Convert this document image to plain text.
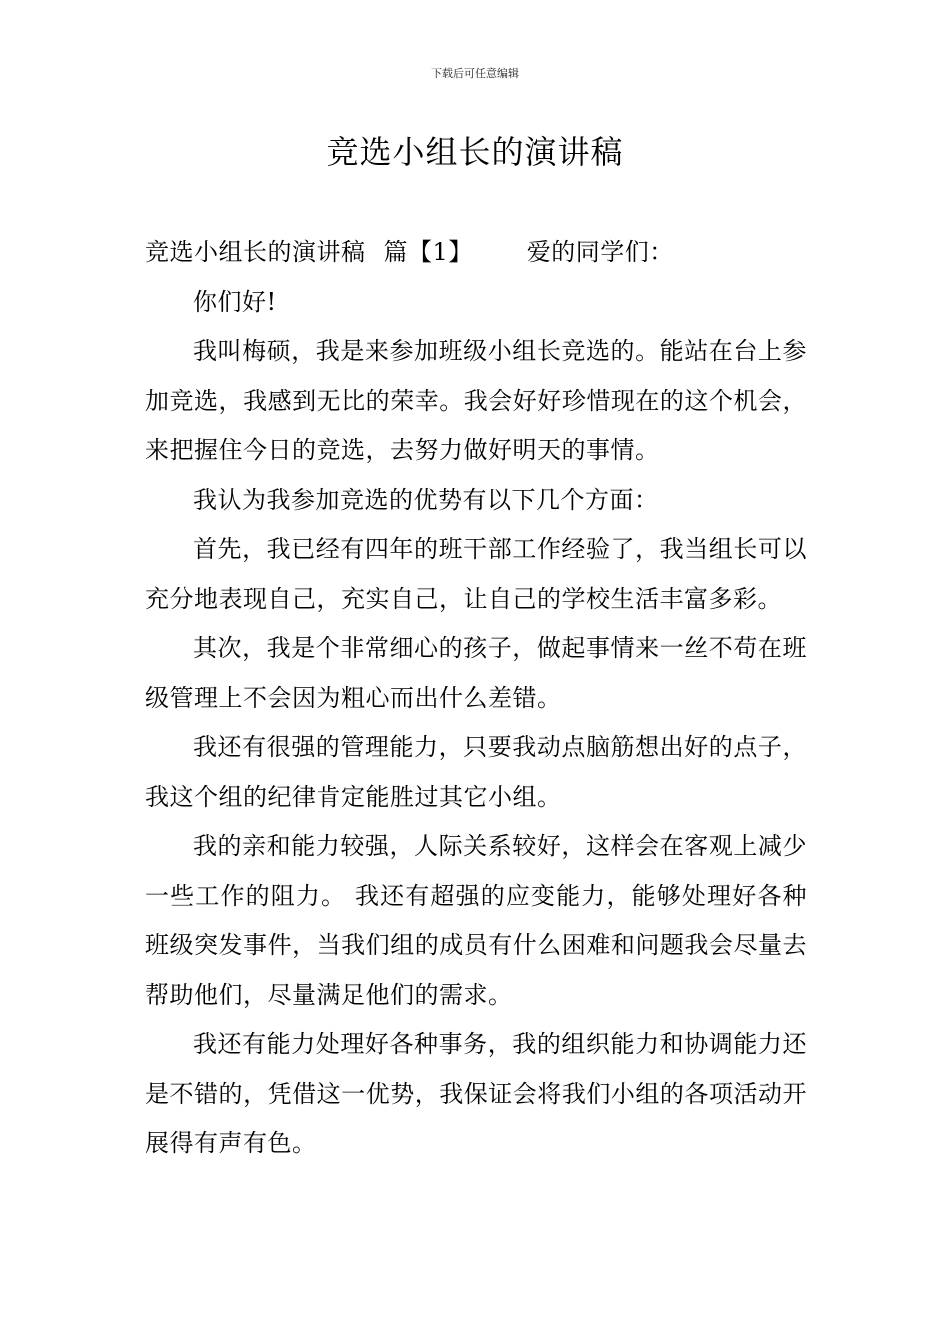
下载后可任意编辑
竞选小组长的演讲稿

竞选小组长的演讲稿 篇【1】 爱的同学们：

你们好!

我叫梅硕，我是来参加班级小组长竞选的。能站在台上参加竞选，我感到无比的荣幸。我会好好珍惜现在的这个机会，来把握住今日的竞选，去努力做好明天的事情。

我认为我参加竞选的优势有以下几个方面：

首先，我已经有四年的班干部工作经验了，我当组长可以充分地表现自己，充实自己，让自己的学校生活丰富多彩。

其次，我是个非常细心的孩子，做起事情来一丝不苟在班级管理上不会因为粗心而出什么差错。

我还有很强的管理能力，只要我动点脑筋想出好的点子，我这个组的纪律肯定能胜过其它小组。

我的亲和能力较强，人际关系较好，这样会在客观上减少一些工作的阻力。 我还有超强的应变能力，能够处理好各种班级突发事件，当我们组的成员有什么困难和问题我会尽量去帮助他们，尽量满足他们的需求。

我还有能力处理好各种事务，我的组织能力和协调能力还是不错的，凭借这一优势，我保证会将我们小组的各项活动开展得有声有色。
